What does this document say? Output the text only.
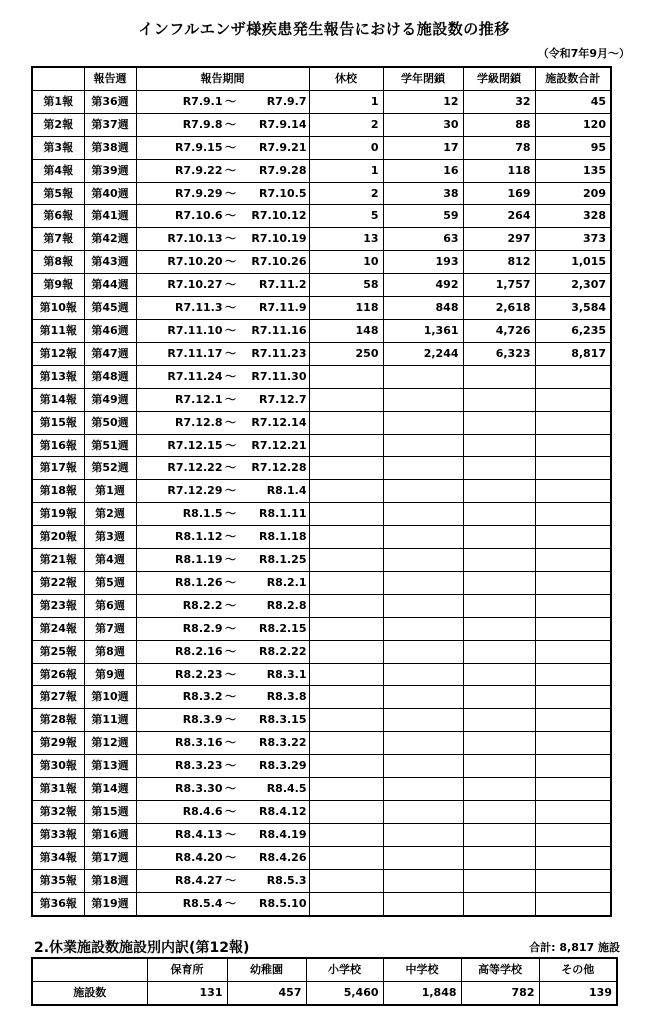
インフルエンザ様疾患発生報告における施設数の推移
（令和7年9月～）
	報告週	報告期間	休校	学年閉鎖	学級閉鎖	施設数合計
第1報	第36週	R7.9.1 ～ R7.9.7	1	12	32	45
第2報	第37週	R7.9.8 ～ R7.9.14	2	30	88	120
第3報	第38週	R7.9.15 ～ R7.9.21	0	17	78	95
第4報	第39週	R7.9.22 ～ R7.9.28	1	16	118	135
第5報	第40週	R7.9.29 ～ R7.10.5	2	38	169	209
第6報	第41週	R7.10.6 ～ R7.10.12	5	59	264	328
第7報	第42週	R7.10.13 ～ R7.10.19	13	63	297	373
第8報	第43週	R7.10.20 ～ R7.10.26	10	193	812	1,015
第9報	第44週	R7.10.27 ～ R7.11.2	58	492	1,757	2,307
第10報	第45週	R7.11.3 ～ R7.11.9	118	848	2,618	3,584
第11報	第46週	R7.11.10 ～ R7.11.16	148	1,361	4,726	6,235
第12報	第47週	R7.11.17 ～ R7.11.23	250	2,244	6,323	8,817
第13報	第48週	R7.11.24 ～ R7.11.30				

第14報	第49週	R7.12.1 ～ R7.12.7				

第15報	第50週	R7.12.8 ～ R7.12.14				

第16報	第51週	R7.12.15 ～ R7.12.21				

第17報	第52週	R7.12.22 ～ R7.12.28				

第18報	第1週	R7.12.29 ～ R8.1.4				

第19報	第2週	R8.1.5 ～ R8.1.11				

第20報	第3週	R8.1.12 ～ R8.1.18				

第21報	第4週	R8.1.19 ～ R8.1.25				

第22報	第5週	R8.1.26 ～ R8.2.1				

第23報	第6週	R8.2.2 ～ R8.2.8				

第24報	第7週	R8.2.9 ～ R8.2.15				

第25報	第8週	R8.2.16 ～ R8.2.22				

第26報	第9週	R8.2.23 ～ R8.3.1				

第27報	第10週	R8.3.2 ～ R8.3.8				

第28報	第11週	R8.3.9 ～ R8.3.15				

第29報	第12週	R8.3.16 ～ R8.3.22				

第30報	第13週	R8.3.23 ～ R8.3.29				

第31報	第14週	R8.3.30 ～ R8.4.5				

第32報	第15週	R8.4.6 ～ R8.4.12				

第33報	第16週	R8.4.13 ～ R8.4.19				

第34報	第17週	R8.4.20 ～ R8.4.26				

第35報	第18週	R8.4.27 ～ R8.5.3				

第36報	第19週	R8.5.4 ～ R8.5.10				

2.休業施設数施設別内訳(第12報)	合計: 8,817 施設
	保育所	幼稚園	小学校	中学校	高等学校	その他
施設数	131	457	5,460	1,848	782	139
